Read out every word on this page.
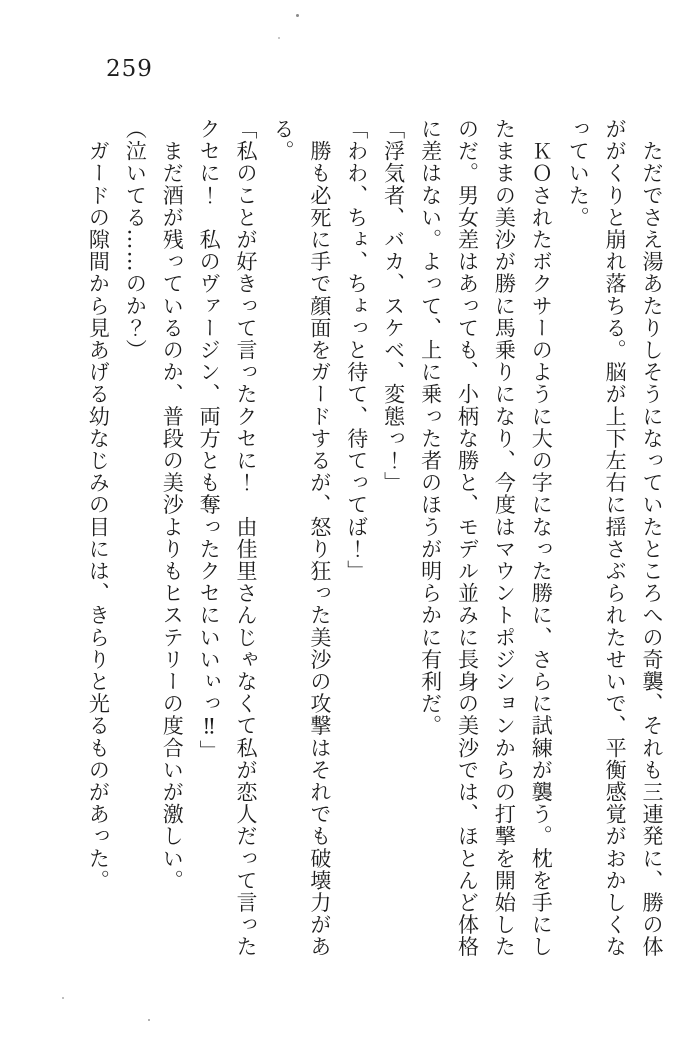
259

　ただでさえ湯あたりしそうになっていたところへの奇襲、それも三連発に、勝の体

ががくりと崩れ落ちる。脳が上下左右に揺さぶられたせいで、平衡感覚がおかしくな

っていた。

　ＫＯされたボクサーのように大の字になった勝に、さらに試練が襲う。枕を手にし

たままの美沙が勝に馬乗りになり、今度はマウントポジションからの打撃を開始した

のだ。男女差はあっても、小柄な勝と、モデル並みに長身の美沙では、ほとんど体格

に差はない。よって、上に乗った者のほうが明らかに有利だ。

「浮気者、バカ、スケベ、変態っ！」

「わわ、ちょ、ちょっと待て、待てってば！」

　勝も必死に手で顔面をガードするが、怒り狂った美沙の攻撃はそれでも破壊力があ

る。

「私のことが好きって言ったクセに！　由佳里さんじゃなくて私が恋人だって言った

クセに！　私のヴァージン、両方とも奪ったクセにいいぃっ‼」

　まだ酒が残っているのか、普段の美沙よりもヒステリーの度合いが激しい。

（泣いてる……のか？）

　ガードの隙間から見あげる幼なじみの目には、きらりと光るものがあった。
